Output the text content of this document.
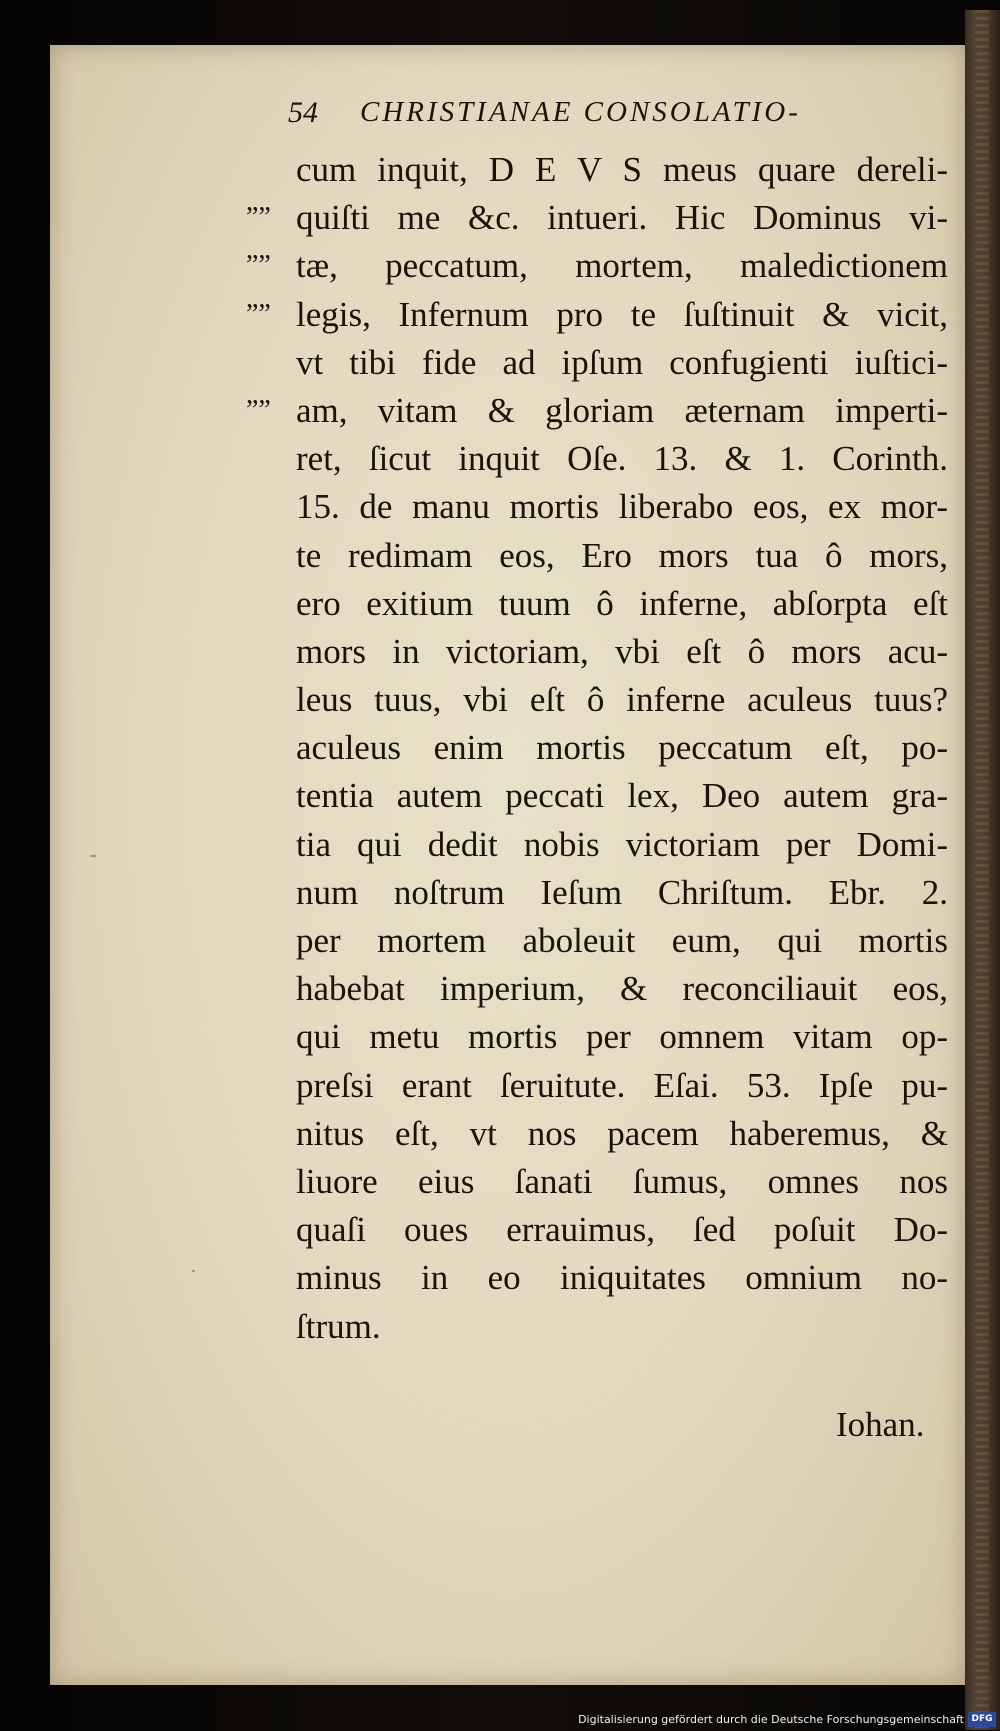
54 CHRISTIANAE CONSOLATIO-
””
””
””
””
cum inquit, D E V S meus quare dereli-
quiſti me &c. intueri. Hic Dominus vi-
tæ, peccatum, mortem, maledictionem
legis, Infernum pro te ſuſtinuit & vicit,
vt tibi fide ad ipſum confugienti iuſtici-
am, vitam & gloriam æternam imperti-
ret, ſicut inquit Oſe. 13. & 1. Corinth.
15. de manu mortis liberabo eos, ex mor-
te redimam eos, Ero mors tua ô mors,
ero exitium tuum ô inferne, abſorpta eſt
mors in victoriam, vbi eſt ô mors acu-
leus tuus, vbi eſt ô inferne aculeus tuus?
aculeus enim mortis peccatum eſt, po-
tentia autem peccati lex, Deo autem gra-
tia qui dedit nobis victoriam per Domi-
num noſtrum Ieſum Chriſtum. Ebr. 2.
per mortem aboleuit eum, qui mortis
habebat imperium, & reconciliauit eos,
qui metu mortis per omnem vitam op-
preſsi erant ſeruitute. Eſai. 53. Ipſe pu-
nitus eſt, vt nos pacem haberemus, &
liuore eius ſanati ſumus, omnes nos
quaſi oues errauimus, ſed poſuit Do-
minus in eo iniquitates omnium no-
ſtrum.
Iohan.
Digitalisierung gefördert durch die Deutsche Forschungsgemeinschaft DFG
